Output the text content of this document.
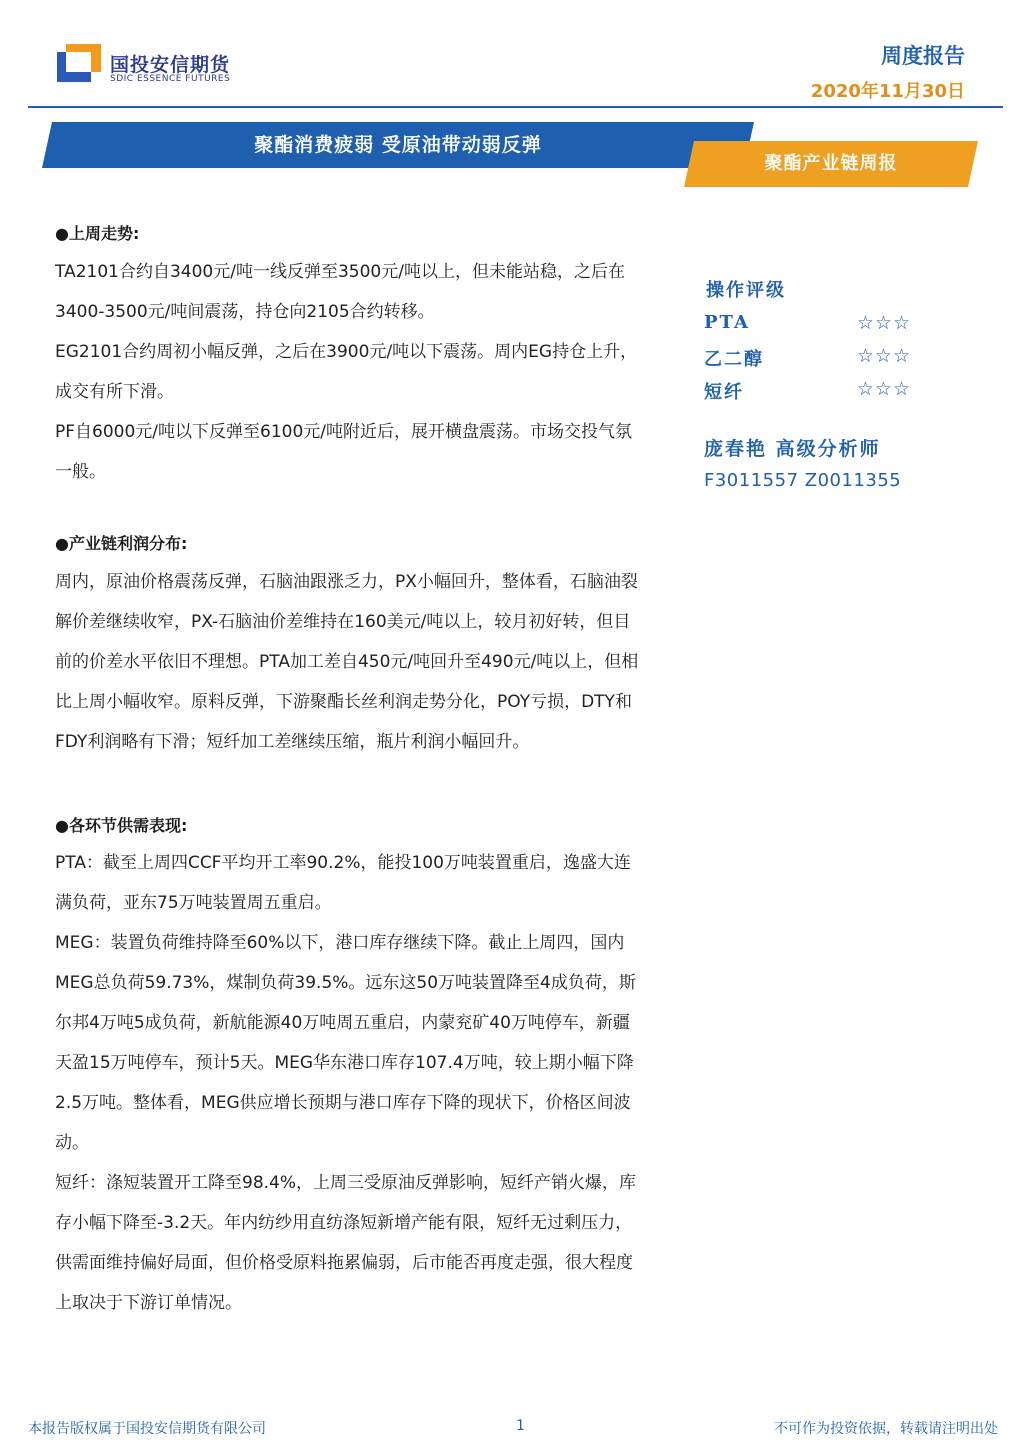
国投安信期货
SDIC ESSENCE FUTURES
周度报告
2020年11月30日
聚酯消费疲弱 受原油带动弱反弹
聚酯产业链周报
●上周走势:
TA2101合约自3400元/吨一线反弹至3500元/吨以上，但未能站稳，之后在3400-3500元/吨间震荡，持仓向2105合约转移。
EG2101合约周初小幅反弹，之后在3900元/吨以下震荡。周内EG持仓上升，成交有所下滑。
PF自6000元/吨以下反弹至6100元/吨附近后，展开横盘震荡。市场交投气氛一般。
●产业链利润分布:
周内，原油价格震荡反弹，石脑油跟涨乏力，PX小幅回升，整体看，石脑油裂解价差继续收窄，PX-石脑油价差维持在160美元/吨以上，较月初好转，但目前的价差水平依旧不理想。PTA加工差自450元/吨回升至490元/吨以上，但相比上周小幅收窄。原料反弹，下游聚酯长丝利润走势分化，POY亏损，DTY和FDY利润略有下滑；短纤加工差继续压缩，瓶片利润小幅回升。
●各环节供需表现:
PTA：截至上周四CCF平均开工率90.2%，能投100万吨装置重启，逸盛大连满负荷，亚东75万吨装置周五重启。
MEG：装置负荷维持降至60%以下，港口库存继续下降。截止上周四，国内MEG总负荷59.73%，煤制负荷39.5%。远东这50万吨装置降至4成负荷，斯尔邦4万吨5成负荷，新航能源40万吨周五重启，内蒙兖矿40万吨停车，新疆天盈15万吨停车，预计5天。MEG华东港口库存107.4万吨，较上期小幅下降2.5万吨。整体看，MEG供应增长预期与港口库存下降的现状下，价格区间波动。
短纤：涤短装置开工降至98.4%，上周三受原油反弹影响，短纤产销火爆，库存小幅下降至-3.2天。年内纺纱用直纺涤短新增产能有限，短纤无过剩压力，供需面维持偏好局面，但价格受原料拖累偏弱，后市能否再度走强，很大程度上取决于下游订单情况。
操作评级
PTA	☆☆☆
乙二醇	☆☆☆
短纤	☆☆☆
庞春艳 高级分析师
F3011557 Z0011355
本报告版权属于国投安信期货有限公司	1	不可作为投资依据，转载请注明出处
